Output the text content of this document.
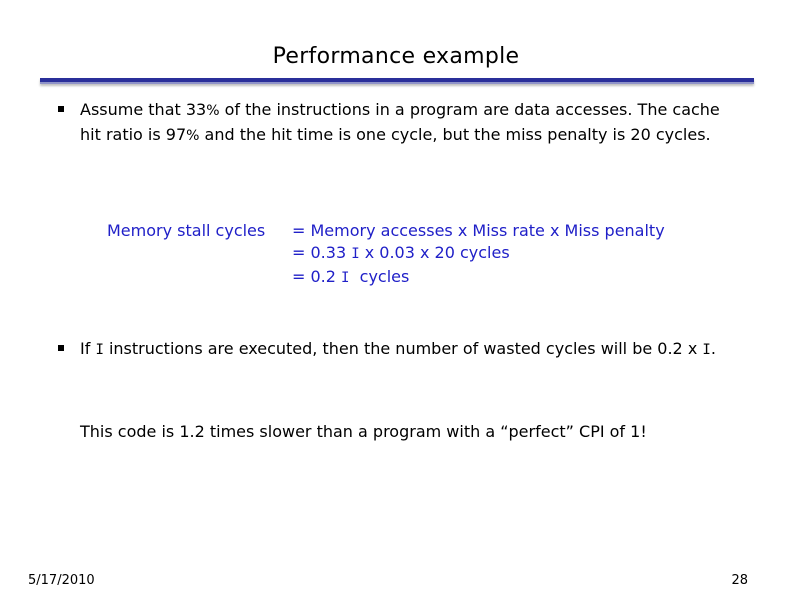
Performance example
Assume that 33% of the instructions in a program are data accesses. The cache hit ratio is 97% and the hit time is one cycle, but the miss penalty is 20 cycles.
Memory stall cycles = Memory accesses x Miss rate x Miss penalty
= 0.33 I x 0.03 x 20 cycles
= 0.2 I  cycles
If I instructions are executed, then the number of wasted cycles will be 0.2 x I.
This code is 1.2 times slower than a program with a “perfect” CPI of 1!
5/17/2010	28
